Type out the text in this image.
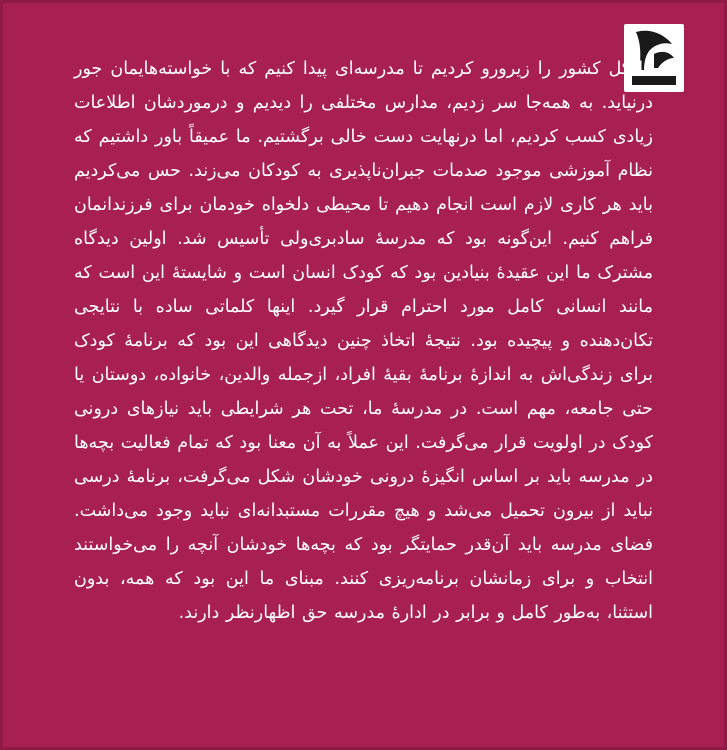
ما کل کشور را زیرورو کردیم تا مدرسه‌ای پیدا کنیم که با خواسته‌هایمان جور درنیاید. به همه‌جا سر زدیم، مدارس مختلفی را دیدیم و درموردشان اطلاعات زیادی کسب کردیم، اما درنهایت دست خالی برگشتیم. ما عمیقاً باور داشتیم که نظام آموزشی موجود صدمات جبران‌ناپذیری به کودکان می‌زند. حس می‌کردیم باید هر کاری لازم است انجام دهیم تا محیطی دلخواه خودمان برای فرزندانمان فراهم کنیم. این‌گونه بود که مدرسهٔ سادبری‌ولی تأسیس شد. اولین دیدگاه مشترک ما این عقیدهٔ بنیادین بود که کودک انسان است و شایستهٔ این است که مانند انسانی کامل مورد احترام قرار گیرد. اینها کلماتی ساده با نتایجی تکان‌دهنده و پیچیده بود. نتیجهٔ اتخاذ چنین دیدگاهی این بود که برنامهٔ کودک برای زندگی‌اش به اندازهٔ برنامهٔ بقیهٔ افراد، ازجمله والدین، خانواده، دوستان یا حتی جامعه، مهم است. در مدرسهٔ ما، تحت هر شرایطی باید نیازهای درونی کودک در اولویت قرار می‌گرفت. این عملاً به آن معنا بود که تمام فعالیت بچه‌ها در مدرسه باید بر اساس انگیزهٔ درونی خودشان شکل می‌گرفت، برنامهٔ درسی نباید از بیرون تحمیل می‌شد و هیچ مقررات مستبدانه‌ای نباید وجود می‌داشت. فضای مدرسه باید آن‌قدر حمایتگر بود که بچه‌ها خودشان آنچه را می‌خواستند انتخاب و برای زمانشان برنامه‌ریزی کنند. مبنای ما این بود که همه، بدون استثنا، به‌طور کامل و برابر در ادارهٔ مدرسه حق اظهارنظر دارند.
